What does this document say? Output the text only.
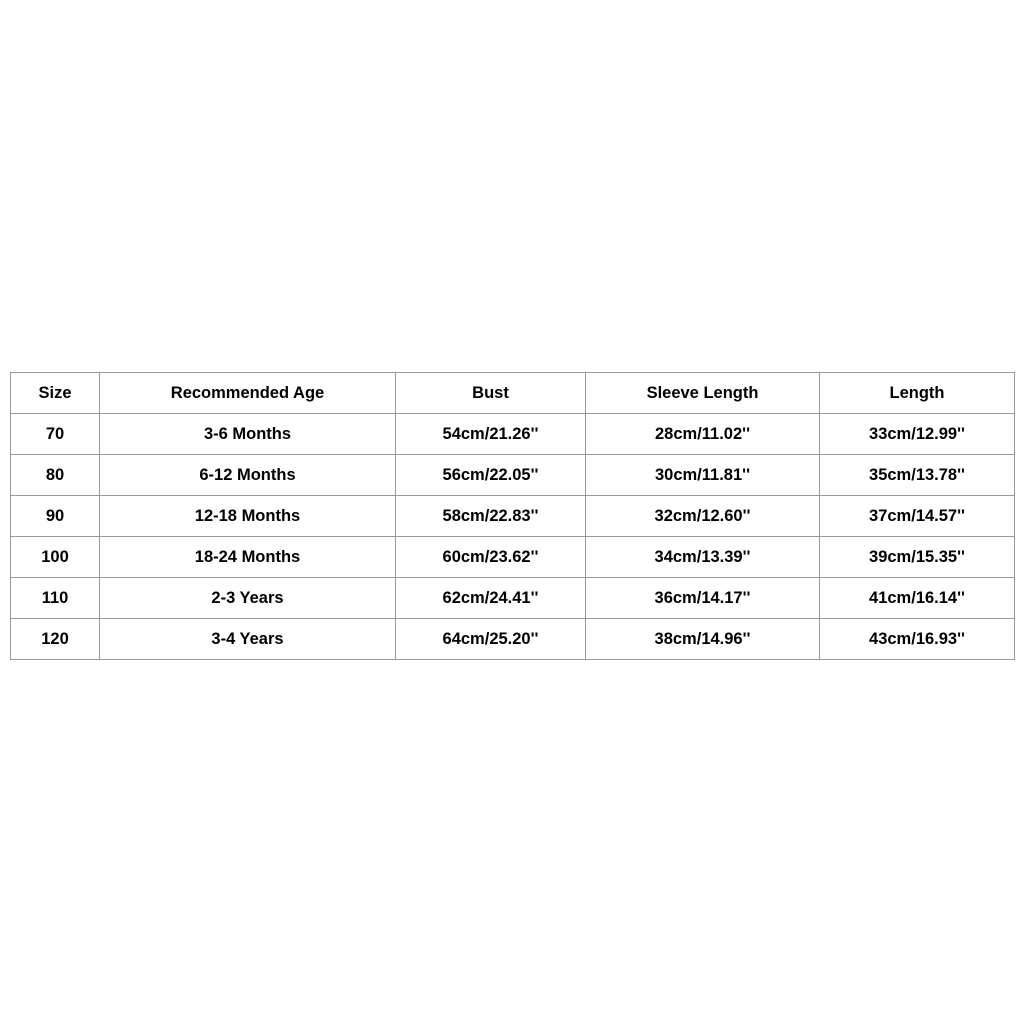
Size	Recommended Age	Bust	Sleeve Length	Length
70	3-6 Months	54cm/21.26''	28cm/11.02''	33cm/12.99''
80	6-12 Months	56cm/22.05''	30cm/11.81''	35cm/13.78''
90	12-18 Months	58cm/22.83''	32cm/12.60''	37cm/14.57''
100	18-24 Months	60cm/23.62''	34cm/13.39''	39cm/15.35''
110	2-3 Years	62cm/24.41''	36cm/14.17''	41cm/16.14''
120	3-4 Years	64cm/25.20''	38cm/14.96''	43cm/16.93''
